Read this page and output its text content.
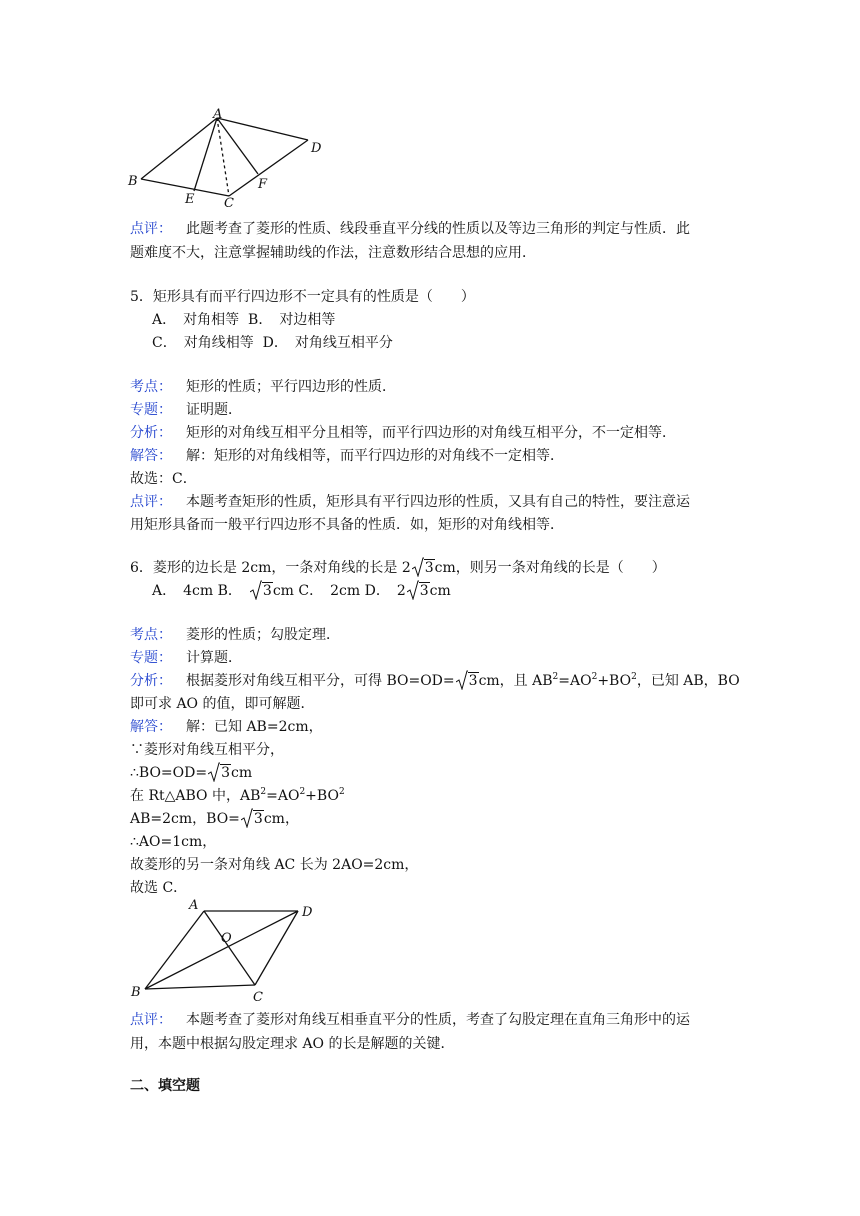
A
B
C
D
E
F
点评： 此题考查了菱形的性质、线段垂直平分线的性质以及等边三角形的判定与性质．此
题难度不大，注意掌握辅助线的作法，注意数形结合思想的应用．
5．矩形具有而平行四边形不一定具有的性质是（　　）
A．　对角相等 B．　对边相等
C．　对角线相等 D．　对角线互相平分
考点： 矩形的性质；平行四边形的性质．
专题： 证明题．
分析： 矩形的对角线互相平分且相等，而平行四边形的对角线互相平分，不一定相等．
解答： 解：矩形的对角线相等，而平行四边形的对角线不一定相等．
故选：C．
点评： 本题考查矩形的性质，矩形具有平行四边形的性质，又具有自己的特性，要注意运
用矩形具备而一般平行四边形不具备的性质．如，矩形的对角线相等．
6．菱形的边长是 2cm，一条对角线的长是 2 3cm，则另一条对角线的长是（　　）
A．　4cm B．　
3cm C．　2cm D．　2 3cm
考点： 菱形的性质；勾股定理．
专题： 计算题．
分析： 根据菱形对角线互相平分，可得 BO=OD= 3cm，且 $AB^2=AO^2+BO^2$，已知 AB，BO
即可求 AO 的值，即可解题．
解答： 解：已知 AB=2cm，
∵菱形对角线互相平分，
∴BO=OD= 3cm
在 Rt△ABO 中，$AB^2=AO^2+BO^2$
AB=2cm，BO= 3cm，
∴AO=1cm，
故菱形的另一条对角线 AC 长为 2AO=2cm，
故选 C．
A
B	C
D
O
点评： 本题考查了菱形对角线互相垂直平分的性质，考查了勾股定理在直角三角形中的运
用，本题中根据勾股定理求 AO 的长是解题的关键．
二、填空题
